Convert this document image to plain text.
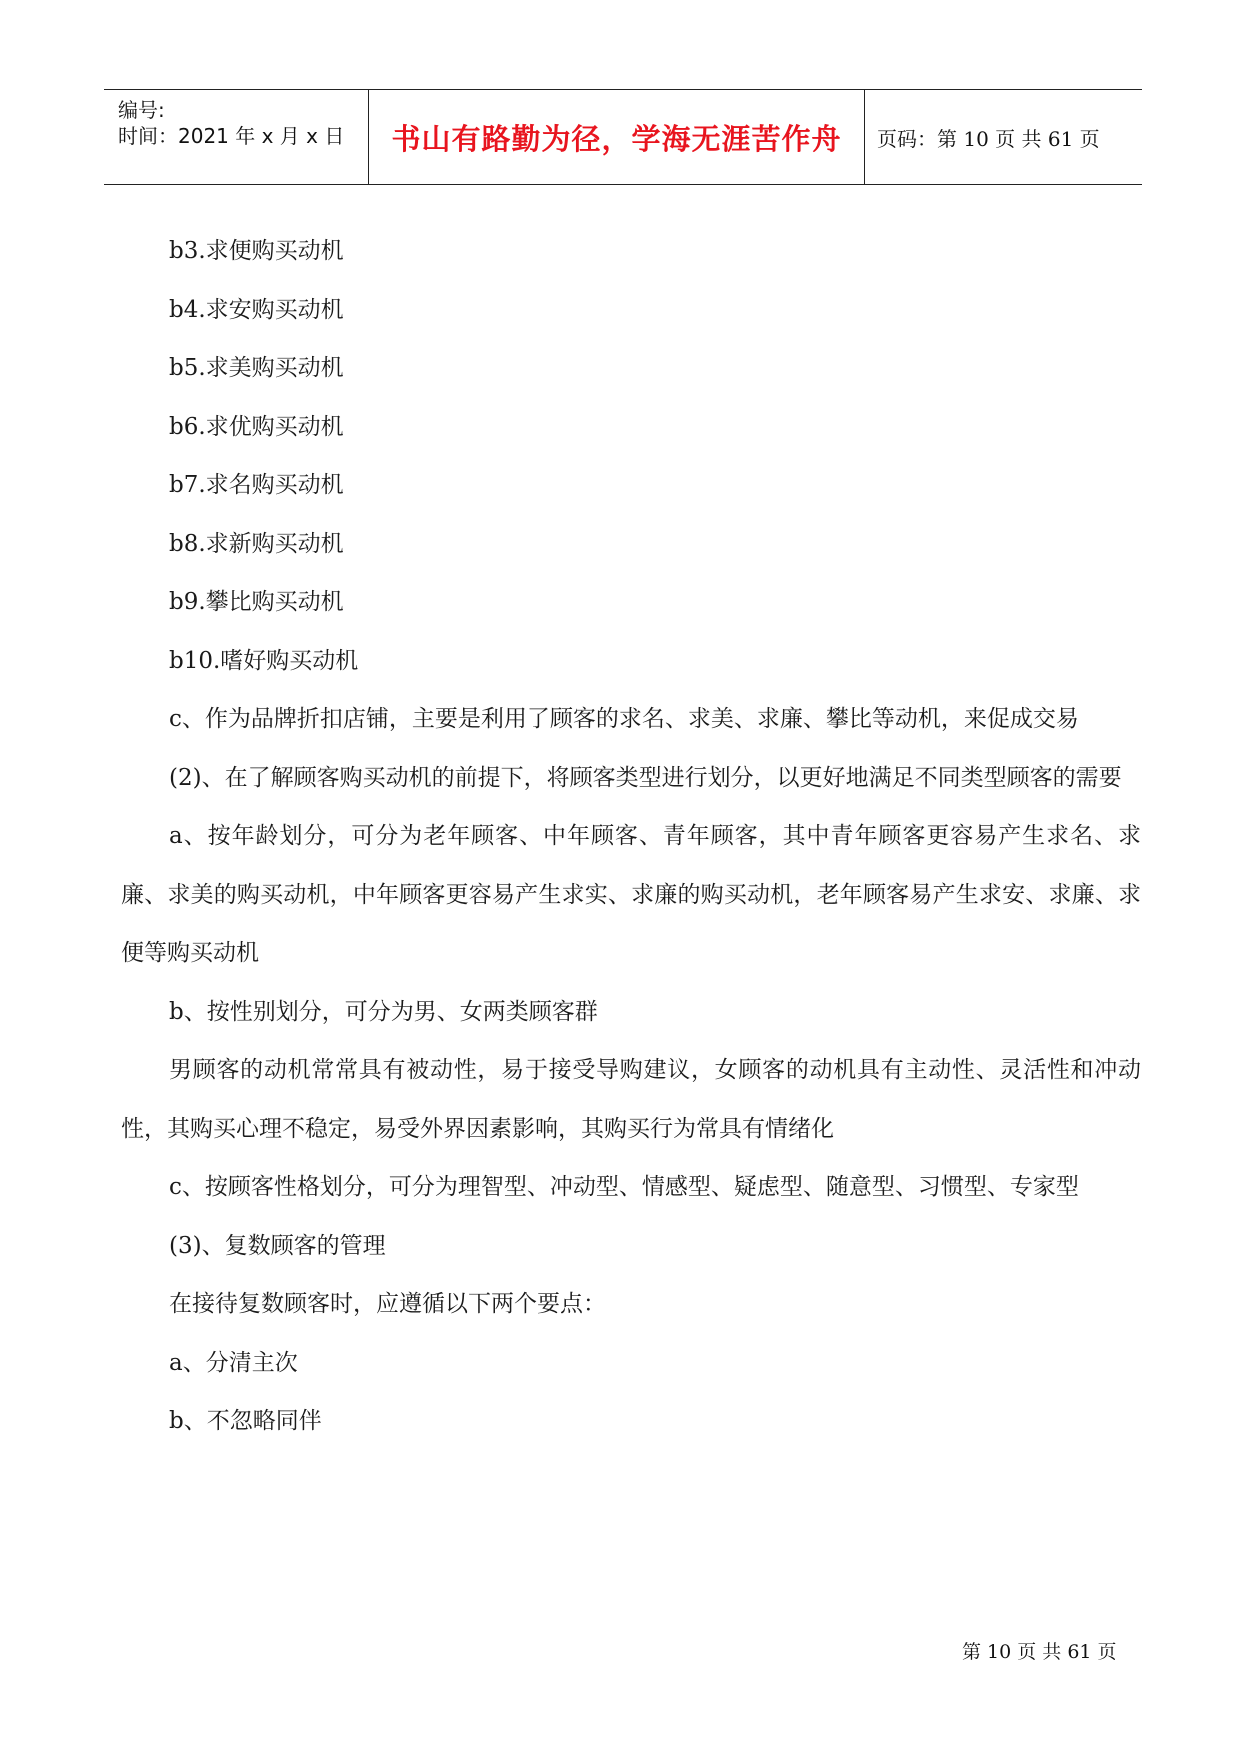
编号:
时间：2021 年 x 月 x 日 书山有路勤为径，学海无涯苦作舟 页码：第 10 页 共 61 页
b3.求便购买动机
b4.求安购买动机
b5.求美购买动机
b6.求优购买动机
b7.求名购买动机
b8.求新购买动机
b9.攀比购买动机
b10.嗜好购买动机
c、作为品牌折扣店铺，主要是利用了顾客的求名、求美、求廉、攀比等动机，来促成交易
(2)、在了解顾客购买动机的前提下，将顾客类型进行划分，以更好地满足不同类型顾客的需要
a、按年龄划分，可分为老年顾客、中年顾客、青年顾客，其中青年顾客更容易产生求名、求廉、求美的购买动机，中年顾客更容易产生求实、求廉的购买动机，老年顾客易产生求安、求廉、求便等购买动机
b、按性别划分，可分为男、女两类顾客群
男顾客的动机常常具有被动性，易于接受导购建议，女顾客的动机具有主动性、灵活性和冲动性，其购买心理不稳定，易受外界因素影响，其购买行为常具有情绪化
c、按顾客性格划分，可分为理智型、冲动型、情感型、疑虑型、随意型、习惯型、专家型
(3)、复数顾客的管理
在接待复数顾客时，应遵循以下两个要点：
a、分清主次
b、不忽略同伴
第 10 页 共 61 页
